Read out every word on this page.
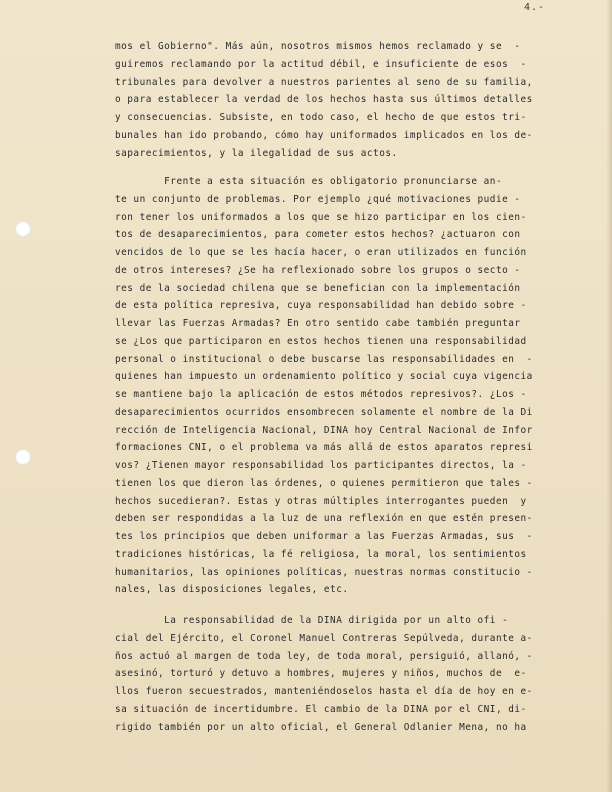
4.-
mos el Gobierno". Más aún, nosotros mismos hemos reclamado y se  -
guiremos reclamando por la actitud débil, e insuficiente de esos  -
tribunales para devolver a nuestros parientes al seno de su familia,
o para establecer la verdad de los hechos hasta sus últimos detalles
y consecuencias. Subsiste, en todo caso, el hecho de que estos tri-
bunales han ido probando, cómo hay uniformados implicados en los de-
saparecimientos, y la ilegalidad de sus actos.
Frente a esta situación es obligatorio pronunciarse an-
te un conjunto de problemas. Por ejemplo ¿qué motivaciones pudie -
ron tener los uniformados a los que se hizo participar en los cien-
tos de desaparecimientos, para cometer estos hechos? ¿actuaron con
vencidos de lo que se les hacía hacer, o eran utilizados en función
de otros intereses? ¿Se ha reflexionado sobre los grupos o secto -
res de la sociedad chilena que se benefician con la implementación
de esta política represiva, cuya responsabilidad han debido sobre -
llevar las Fuerzas Armadas? En otro sentido cabe también preguntar
se ¿Los que participaron en estos hechos tienen una responsabilidad
personal o institucional o debe buscarse las responsabilidades en  -
quienes han impuesto un ordenamiento político y social cuya vigencia
se mantiene bajo la aplicación de estos métodos represivos?. ¿Los -
desaparecimientos ocurridos ensombrecen solamente el nombre de la Di
rección de Inteligencia Nacional, DINA hoy Central Nacional de Infor
formaciones CNI, o el problema va más allá de estos aparatos represi
vos? ¿Tienen mayor responsabilidad los participantes directos, la -
tienen los que dieron las órdenes, o quienes permitieron que tales -
hechos sucedieran?. Estas y otras múltiples interrogantes pueden  y
deben ser respondidas a la luz de una reflexión en que estén presen-
tes los principios que deben uniformar a las Fuerzas Armadas, sus  -
tradiciones históricas, la fé religiosa, la moral, los sentimientos
humanitarios, las opiniones políticas, nuestras normas constitucio -
nales, las disposiciones legales, etc.
La responsabilidad de la DINA dirigida por un alto ofi -
cial del Ejército, el Coronel Manuel Contreras Sepúlveda, durante a-
ños actuó al margen de toda ley, de toda moral, persiguió, allanó, -
asesinó, torturó y detuvo a hombres, mujeres y niños, muchos de  e-
llos fueron secuestrados, manteniéndoselos hasta el día de hoy en e-
sa situación de incertidumbre. El cambio de la DINA por el CNI, di-
rigido también por un alto oficial, el General Odlanier Mena, no ha
